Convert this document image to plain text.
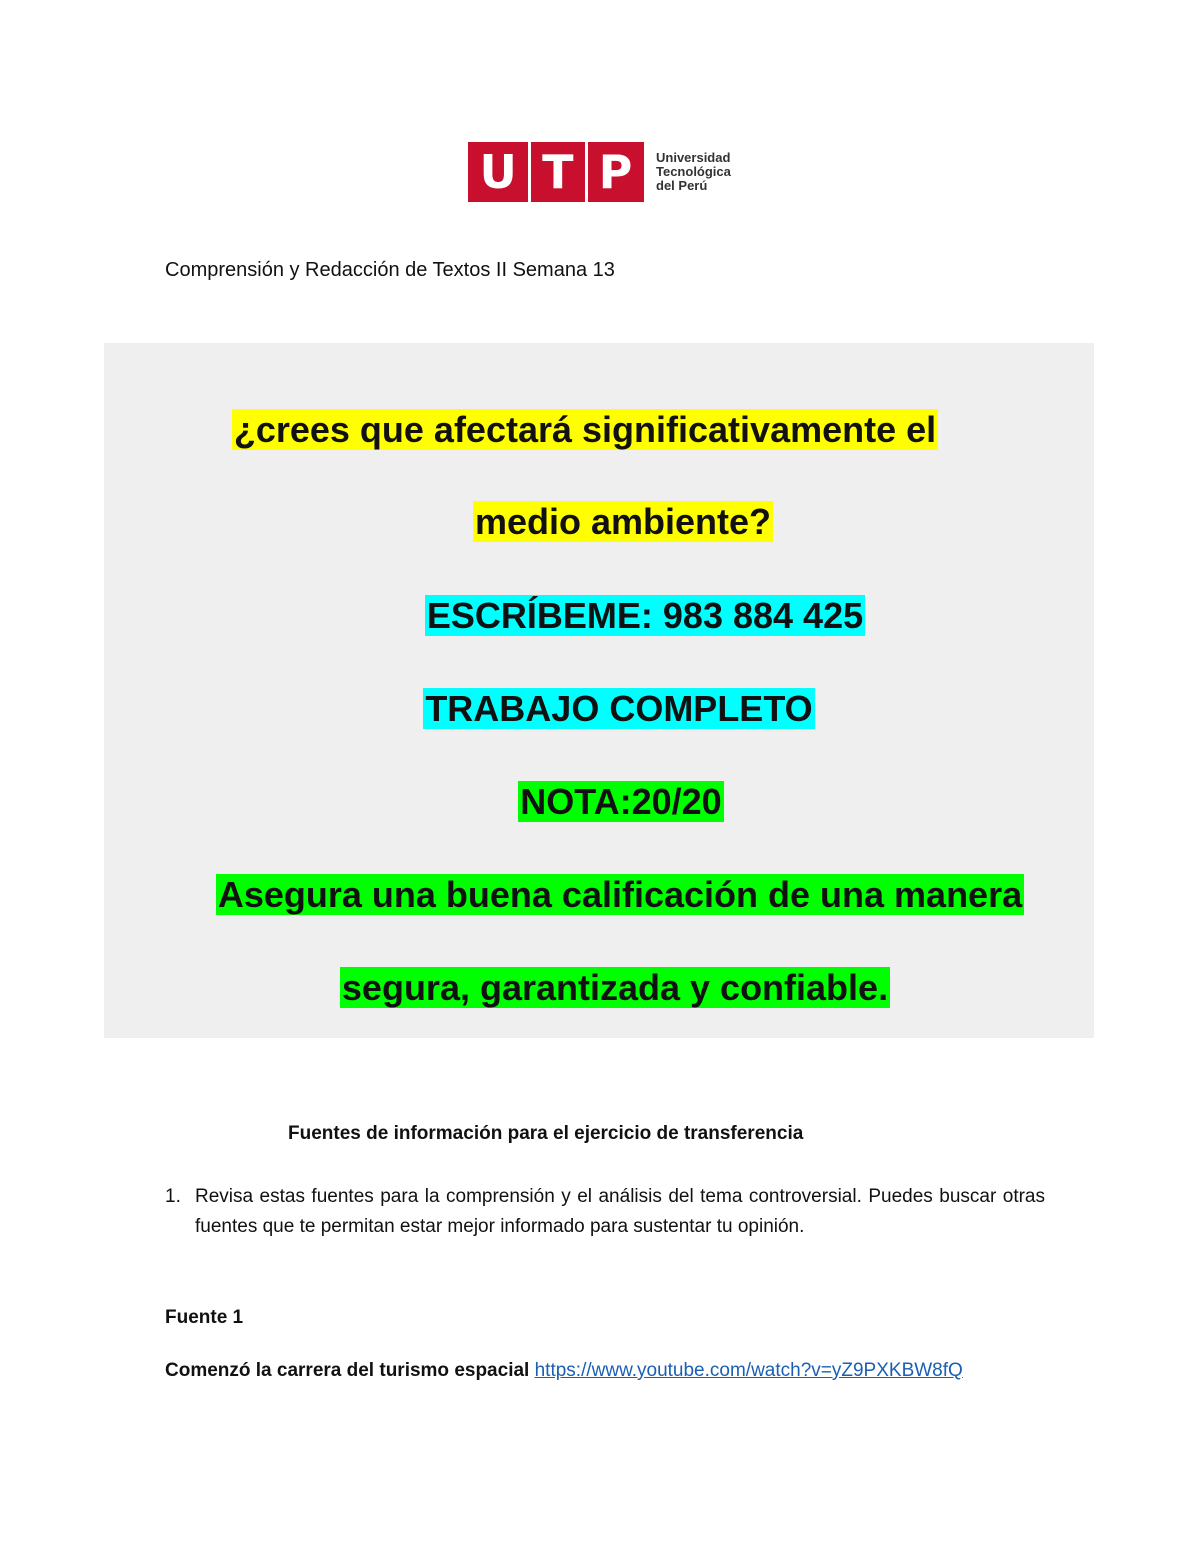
U T P Universidad
Tecnológica
del Perú
Comprensión y Redacción de Textos II Semana 13
¿crees que afectará significativamente el
medio ambiente?
ESCRÍBEME: 983 884 425
TRABAJO COMPLETO
NOTA:20/20
Asegura una buena calificación de una manera
segura, garantizada y confiable.
Fuentes de información para el ejercicio de transferencia
1. Revisa estas fuentes para la comprensión y el análisis del tema controversial. Puedes buscar otras fuentes que te permitan estar mejor informado para sustentar tu opinión.
Fuente 1
Comenzó la carrera del turismo espacial https://www.youtube.com/watch?v=yZ9PXKBW8fQ
